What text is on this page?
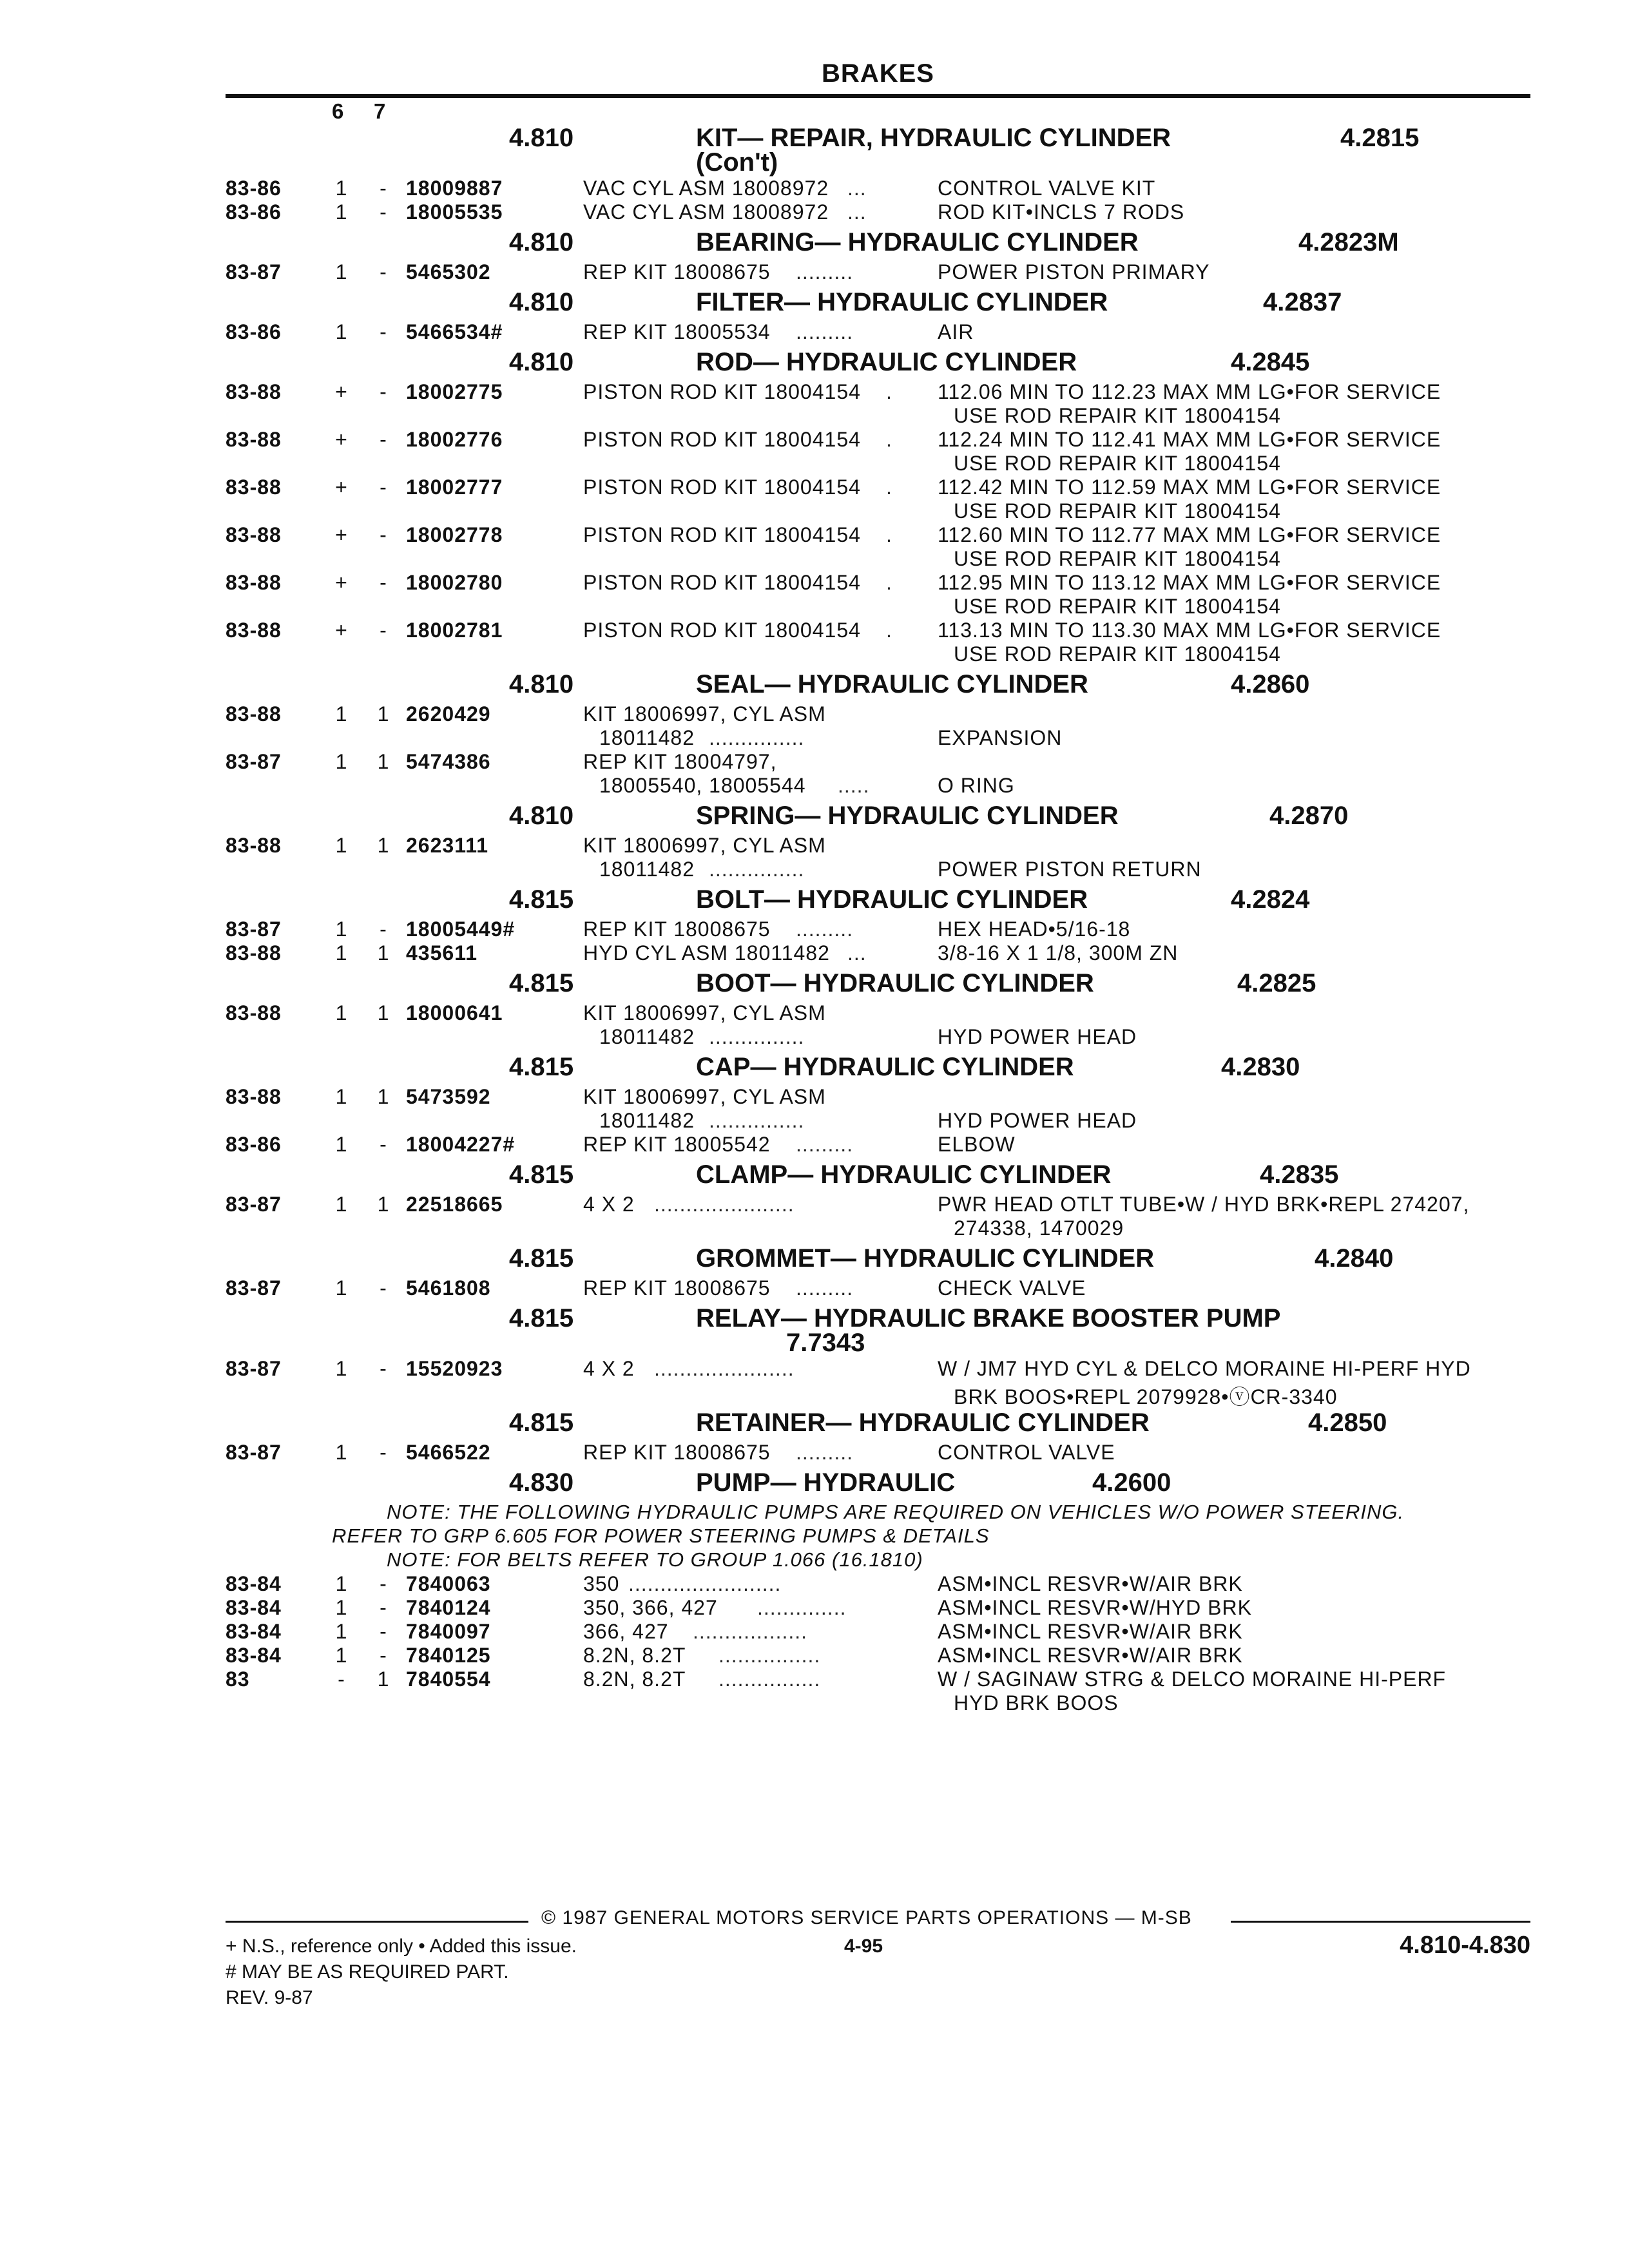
BRAKES
6 7
4.810	KIT— REPAIR, HYDRAULIC CYLINDER	4.2815
(Con't)
83-86	1 - 18009887	VAC CYL ASM 18008972 ...	CONTROL VALVE KIT
83-86	1 - 18005535	VAC CYL ASM 18008972 ...	ROD KIT•INCLS 7 RODS
4.810	BEARING— HYDRAULIC CYLINDER	4.2823M
83-87	1 - 5465302	REP KIT 18008675 .........	POWER PISTON PRIMARY
4.810	FILTER— HYDRAULIC CYLINDER	4.2837
83-86	1 - 5466534#	REP KIT 18005534 .........	AIR
4.810	ROD— HYDRAULIC CYLINDER	4.2845
83-88	+ - 18002775	PISTON ROD KIT 18004154 . 112.06 MIN TO 112.23 MAX MM LG•FOR SERVICE
USE ROD REPAIR KIT 18004154
83-88	+ - 18002776	PISTON ROD KIT 18004154 . 112.24 MIN TO 112.41 MAX MM LG•FOR SERVICE
USE ROD REPAIR KIT 18004154
83-88	+ - 18002777	PISTON ROD KIT 18004154 . 112.42 MIN TO 112.59 MAX MM LG•FOR SERVICE
USE ROD REPAIR KIT 18004154
83-88	+ - 18002778	PISTON ROD KIT 18004154 . 112.60 MIN TO 112.77 MAX MM LG•FOR SERVICE
USE ROD REPAIR KIT 18004154
83-88	+ - 18002780	PISTON ROD KIT 18004154 . 112.95 MIN TO 113.12 MAX MM LG•FOR SERVICE
USE ROD REPAIR KIT 18004154
83-88	+ - 18002781	PISTON ROD KIT 18004154 . 113.13 MIN TO 113.30 MAX MM LG•FOR SERVICE
USE ROD REPAIR KIT 18004154
4.810	SEAL— HYDRAULIC CYLINDER	4.2860
83-88	1 1 2620429	KIT 18006997, CYL ASM
18011482 ...............	EXPANSION
83-87	1 1 5474386	REP KIT 18004797,
18005540, 18005544 .....	O RING
4.810	SPRING— HYDRAULIC CYLINDER	4.2870
83-88	1 1 2623111	KIT 18006997, CYL ASM
18011482 ...............	POWER PISTON RETURN
4.815	BOLT— HYDRAULIC CYLINDER	4.2824
83-87	1 - 18005449#	REP KIT 18008675 .........	HEX HEAD•5/16-18
83-88	1 1 435611	HYD CYL ASM 18011482 ...	3/8-16 X 1 1/8, 300M ZN
4.815	BOOT— HYDRAULIC CYLINDER	4.2825
83-88	1 1 18000641	KIT 18006997, CYL ASM
18011482 ...............	HYD POWER HEAD
4.815	CAP— HYDRAULIC CYLINDER	4.2830
83-88	1 1 5473592	KIT 18006997, CYL ASM
18011482 ...............	HYD POWER HEAD
83-86	1 - 18004227#	REP KIT 18005542 .........	ELBOW
4.815	CLAMP— HYDRAULIC CYLINDER	4.2835
83-87	1 1 22518665	4 X 2 ......................	PWR HEAD OTLT TUBE•W / HYD BRK•REPL 274207,
274338, 1470029
4.815	GROMMET— HYDRAULIC CYLINDER	4.2840
83-87	1 - 5461808	REP KIT 18008675 .........	CHECK VALVE
4.815	RELAY— HYDRAULIC BRAKE BOOSTER PUMP
7.7343
83-87	1 - 15520923	4 X 2 ......................	W / JM7 HYD CYL & DELCO MORAINE HI-PERF HYD
BRK BOOS•REPL 2079928•ⓥCR-3340
4.815	RETAINER— HYDRAULIC CYLINDER	4.2850
83-87	1 - 5466522	REP KIT 18008675 .........	CONTROL VALVE
4.830	PUMP— HYDRAULIC	4.2600
NOTE: THE FOLLOWING HYDRAULIC PUMPS ARE REQUIRED ON VEHICLES W/O POWER STEERING.
REFER TO GRP 6.605 FOR POWER STEERING PUMPS & DETAILS
NOTE: FOR BELTS REFER TO GROUP 1.066 (16.1810)
83-84	1 - 7840063	350 ........................	ASM•INCL RESVR•W/AIR BRK
83-84	1 - 7840124	350, 366, 427 ..............	ASM•INCL RESVR•W/HYD BRK
83-84	1 - 7840097	366, 427 ..................	ASM•INCL RESVR•W/AIR BRK
83-84	1 - 7840125	8.2N, 8.2T ................	ASM•INCL RESVR•W/AIR BRK
83	- 1 7840554	8.2N, 8.2T ................	W / SAGINAW STRG & DELCO MORAINE HI-PERF
HYD BRK BOOS
© 1987 GENERAL MOTORS SERVICE PARTS OPERATIONS — M-SB
+ N.S., reference only • Added this issue.	4-95	4.810-4.830
# MAY BE AS REQUIRED PART.
REV. 9-87
